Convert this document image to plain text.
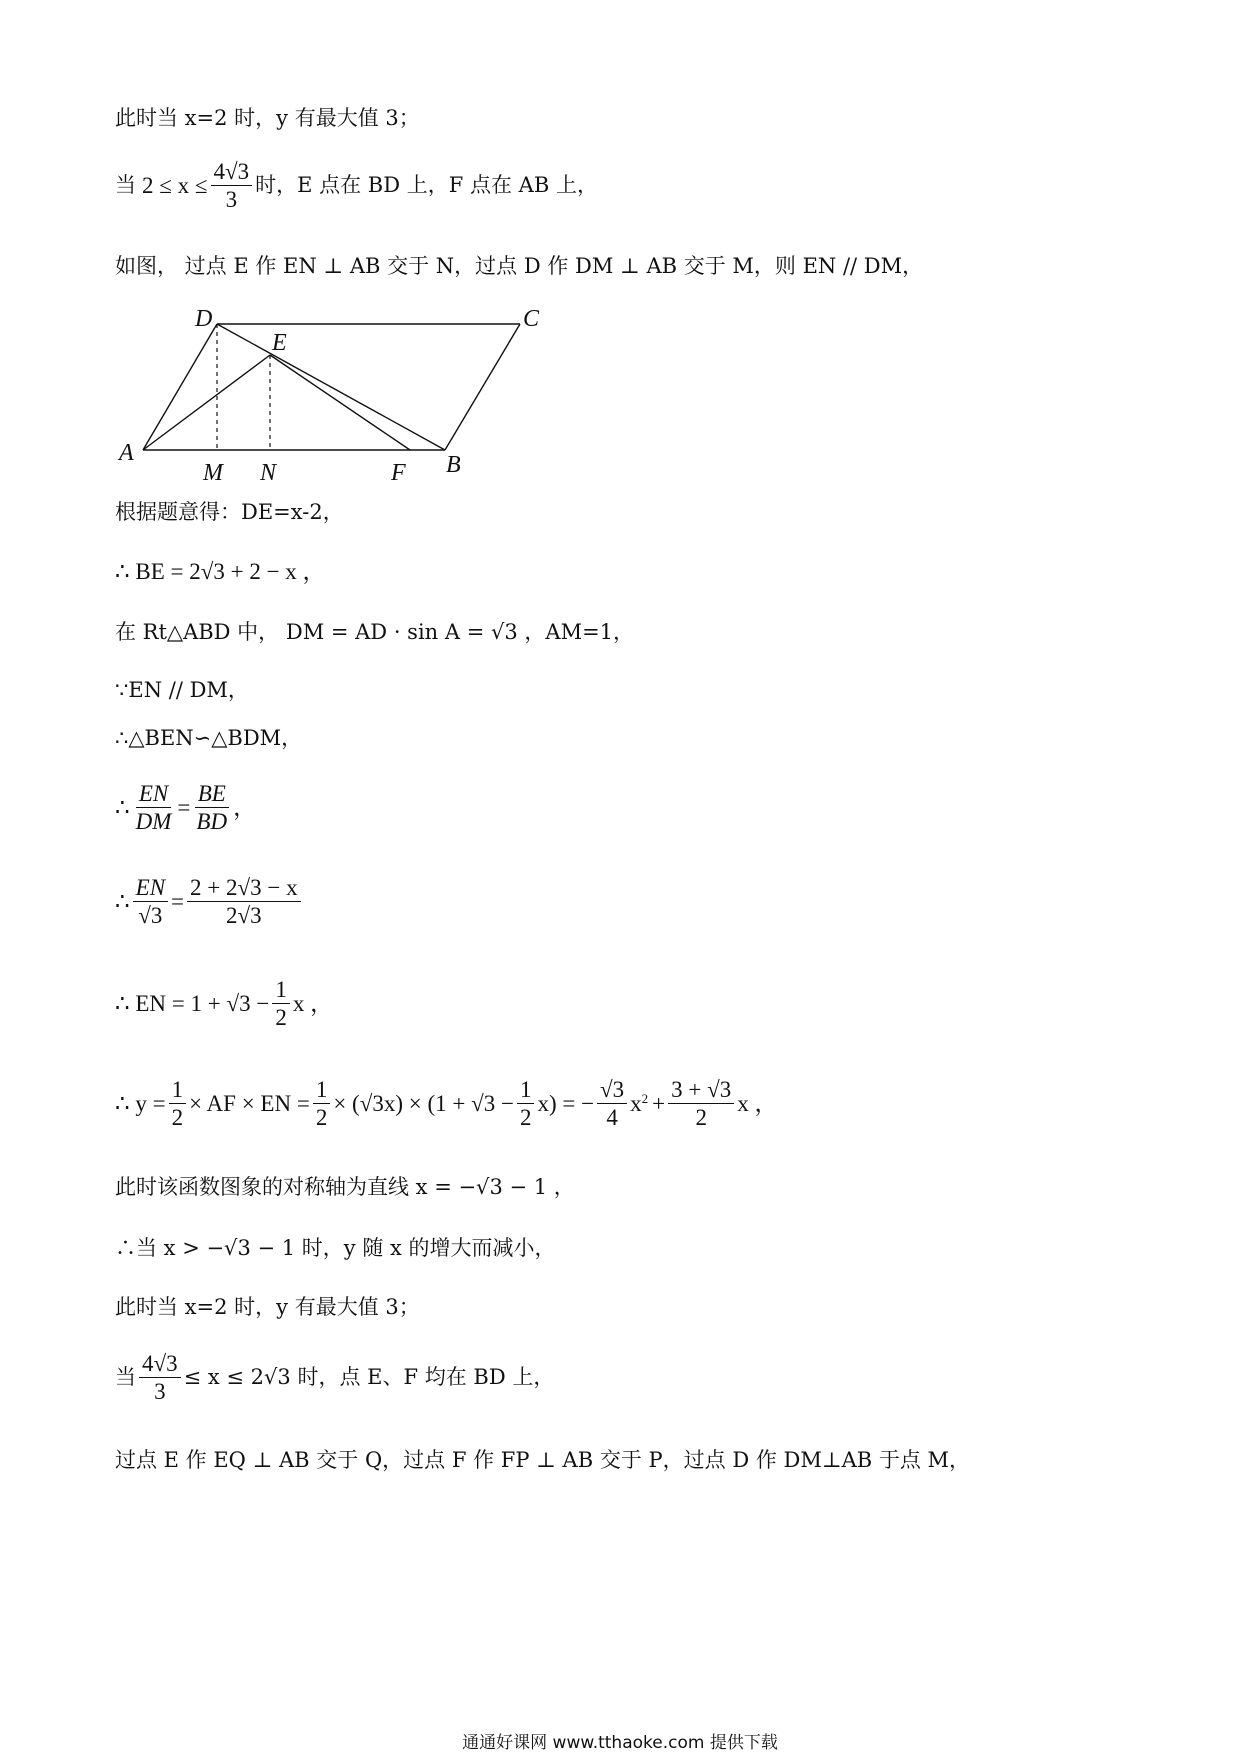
此时当 x=2 时，y 有最大值 3；
当 $2 \le x \le \frac{4√3}{3}$ 时，E 点在 BD 上，F 点在 AB 上，
如图， 过点 E 作 EN ⊥ AB 交于 N，过点 D 作 DM ⊥ AB 交于 M，则 EN // DM，
D
E
C
A
M N	F B
根据题意得：DE=x-2，
∴ BE = 2√3 + 2 − x ，
在 Rt△ABD 中， DM = AD · sin A = √3 ，AM=1，
∵EN // DM，
∴△BEN∽△BDM，
∴ $\frac{EN}{DM} = \frac{BE}{BD}$ ，
∴ $\frac{EN}{√3} = \frac{2 + 2√3 - x}{2√3}$
∴ EN = $1 + √3 - \frac{1}{2}$ x ，
∴ $y = \frac{1}{2}$ × AF × EN = $\frac{1}{2} \times (√3x) \times (1 + √3 - \frac{1}{2} x)$ = − $\frac{√3}{4} x^2 + \frac{3 + √3}{2}$ x ，
此时该函数图象的对称轴为直线 x = −√3 − 1 ，
∴当 x > −√3 − 1 时，y 随 x 的增大而减小，
此时当 x=2 时，y 有最大值 3；
当 $\frac{4√3}{3} \le x \le 2√3$ 时，点 E、F 均在 BD 上，
过点 E 作 EQ ⊥ AB 交于 Q，过点 F 作 FP ⊥ AB 交于 P，过点 D 作 DM⊥AB 于点 M，
通通好课网 www.tthaoke.com 提供下载
